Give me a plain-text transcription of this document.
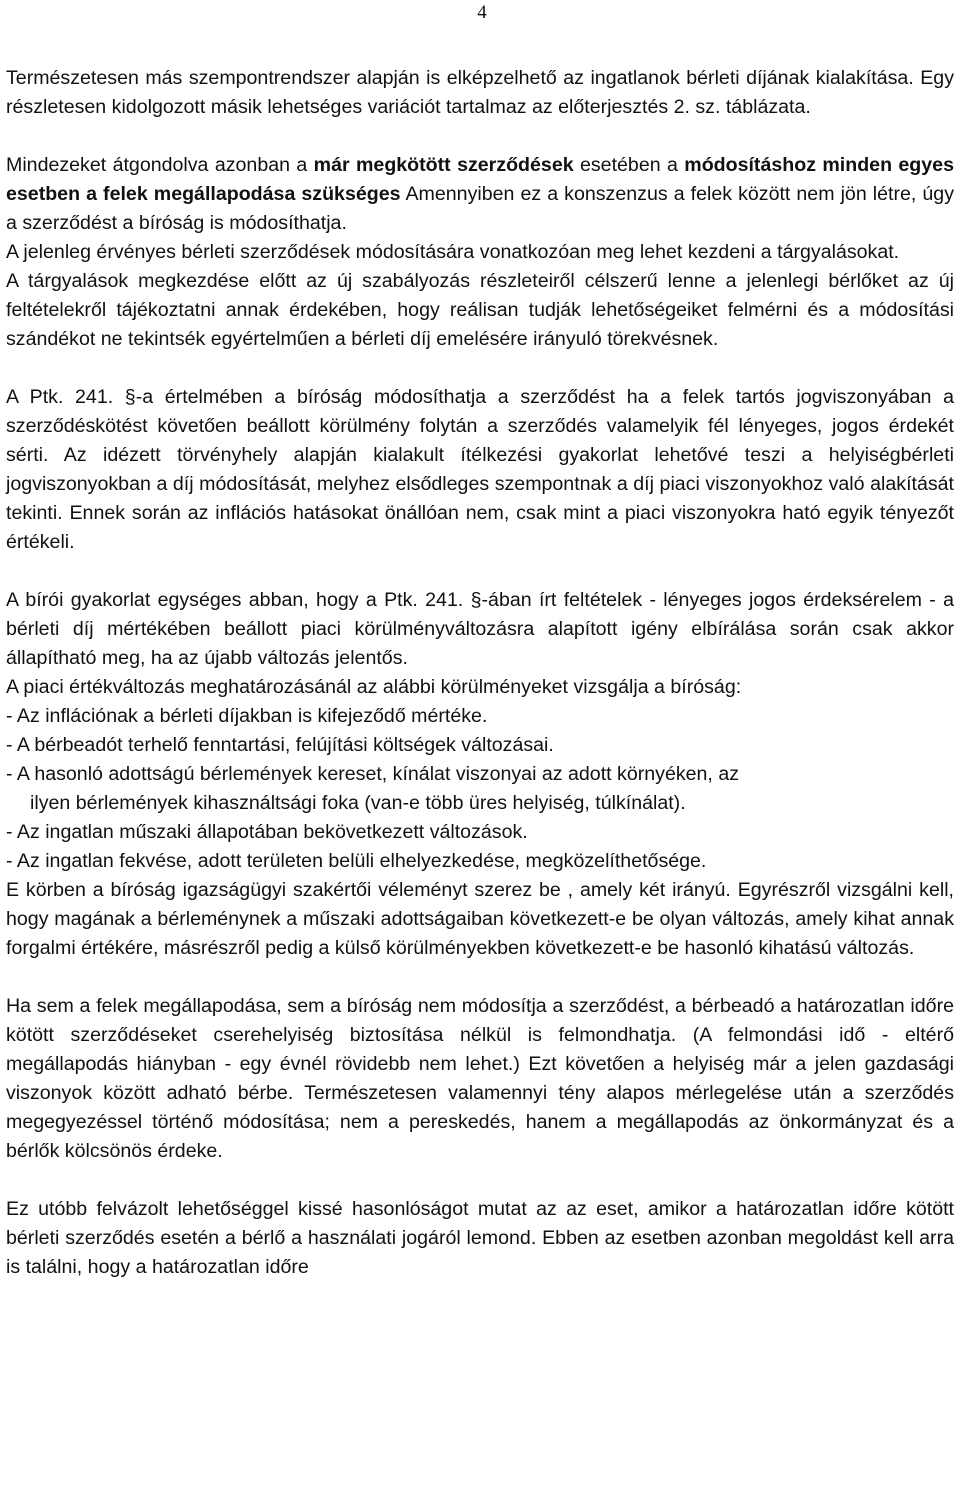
4

Természetesen más szempontrendszer alapján is elképzelhető az ingatlanok bérleti díjának kialakítása. Egy részletesen kidolgozott másik lehetséges variációt tartalmaz az előterjesztés 2. sz. táblázata.

Mindezeket átgondolva azonban a már megkötött szerződések esetében a módosításhoz minden egyes esetben a felek megállapodása szükséges Amennyiben ez a konszenzus a felek között nem jön létre, úgy a szerződést a bíróság is módosíthatja.

A jelenleg érvényes bérleti szerződések módosítására vonatkozóan meg lehet kezdeni a tárgyalásokat.

A tárgyalások megkezdése előtt az új szabályozás részleteiről célszerű lenne a jelenlegi bérlőket az új feltételekről tájékoztatni annak érdekében, hogy reálisan tudják lehetőségeiket felmérni és a módosítási szándékot ne tekintsék egyértelműen a bérleti díj emelésére irányuló törekvésnek.

A Ptk. 241. §-a értelmében a bíróság módosíthatja a szerződést ha a felek tartós jogviszonyában a szerződéskötést követően beállott körülmény folytán a szerződés valamelyik fél lényeges, jogos érdekét sérti. Az idézett törvényhely alapján kialakult ítélkezési gyakorlat lehetővé teszi a helyiségbérleti jogviszonyokban a díj módosítását, melyhez elsődleges szempontnak a díj piaci viszonyokhoz való alakítását tekinti. Ennek során az inflációs hatásokat önállóan nem, csak mint a piaci viszonyokra ható egyik tényezőt értékeli.

A bírói gyakorlat egységes abban, hogy a Ptk. 241. §-ában írt feltételek - lényeges jogos érdeksérelem - a bérleti díj mértékében beállott piaci körülményváltozásra alapított igény elbírálása során csak akkor állapítható meg, ha az újabb változás jelentős.

A piaci értékváltozás meghatározásánál az alábbi körülményeket vizsgálja a bíróság:

- Az inflációnak a bérleti díjakban is kifejeződő mértéke.

- A bérbeadót terhelő fenntartási, felújítási költségek változásai.

- A hasonló adottságú bérlemények kereset, kínálat viszonyai az adott környéken, az

ilyen bérlemények kihasználtsági foka (van-e több üres helyiség, túlkínálat).

- Az ingatlan műszaki állapotában bekövetkezett változások.

- Az ingatlan fekvése, adott területen belüli elhelyezkedése, megközelíthetősége.

E körben a bíróság igazságügyi szakértői véleményt szerez be , amely két irányú. Egyrészről vizsgálni kell, hogy magának a bérleménynek a műszaki adottságaiban következett-e be olyan változás, amely kihat annak forgalmi értékére, másrészről pedig a külső körülményekben következett-e be hasonló kihatású változás.

Ha sem a felek megállapodása, sem a bíróság nem módosítja a szerződést, a bérbeadó a határozatlan időre kötött szerződéseket cserehelyiség biztosítása nélkül is felmondhatja. (A felmondási idő - eltérő megállapodás hiányban - egy évnél rövidebb nem lehet.) Ezt követően a helyiség már a jelen gazdasági viszonyok között adható bérbe. Természetesen valamennyi tény alapos mérlegelése után a szerződés megegyezéssel történő módosítása; nem a pereskedés, hanem a megállapodás az önkormányzat és a bérlők kölcsönös érdeke.

Ez utóbb felvázolt lehetőséggel kissé hasonlóságot mutat az az eset, amikor a határozatlan időre kötött bérleti szerződés esetén a bérlő a használati jogáról lemond. Ebben az esetben azonban megoldást kell arra is találni, hogy a határozatlan időre
